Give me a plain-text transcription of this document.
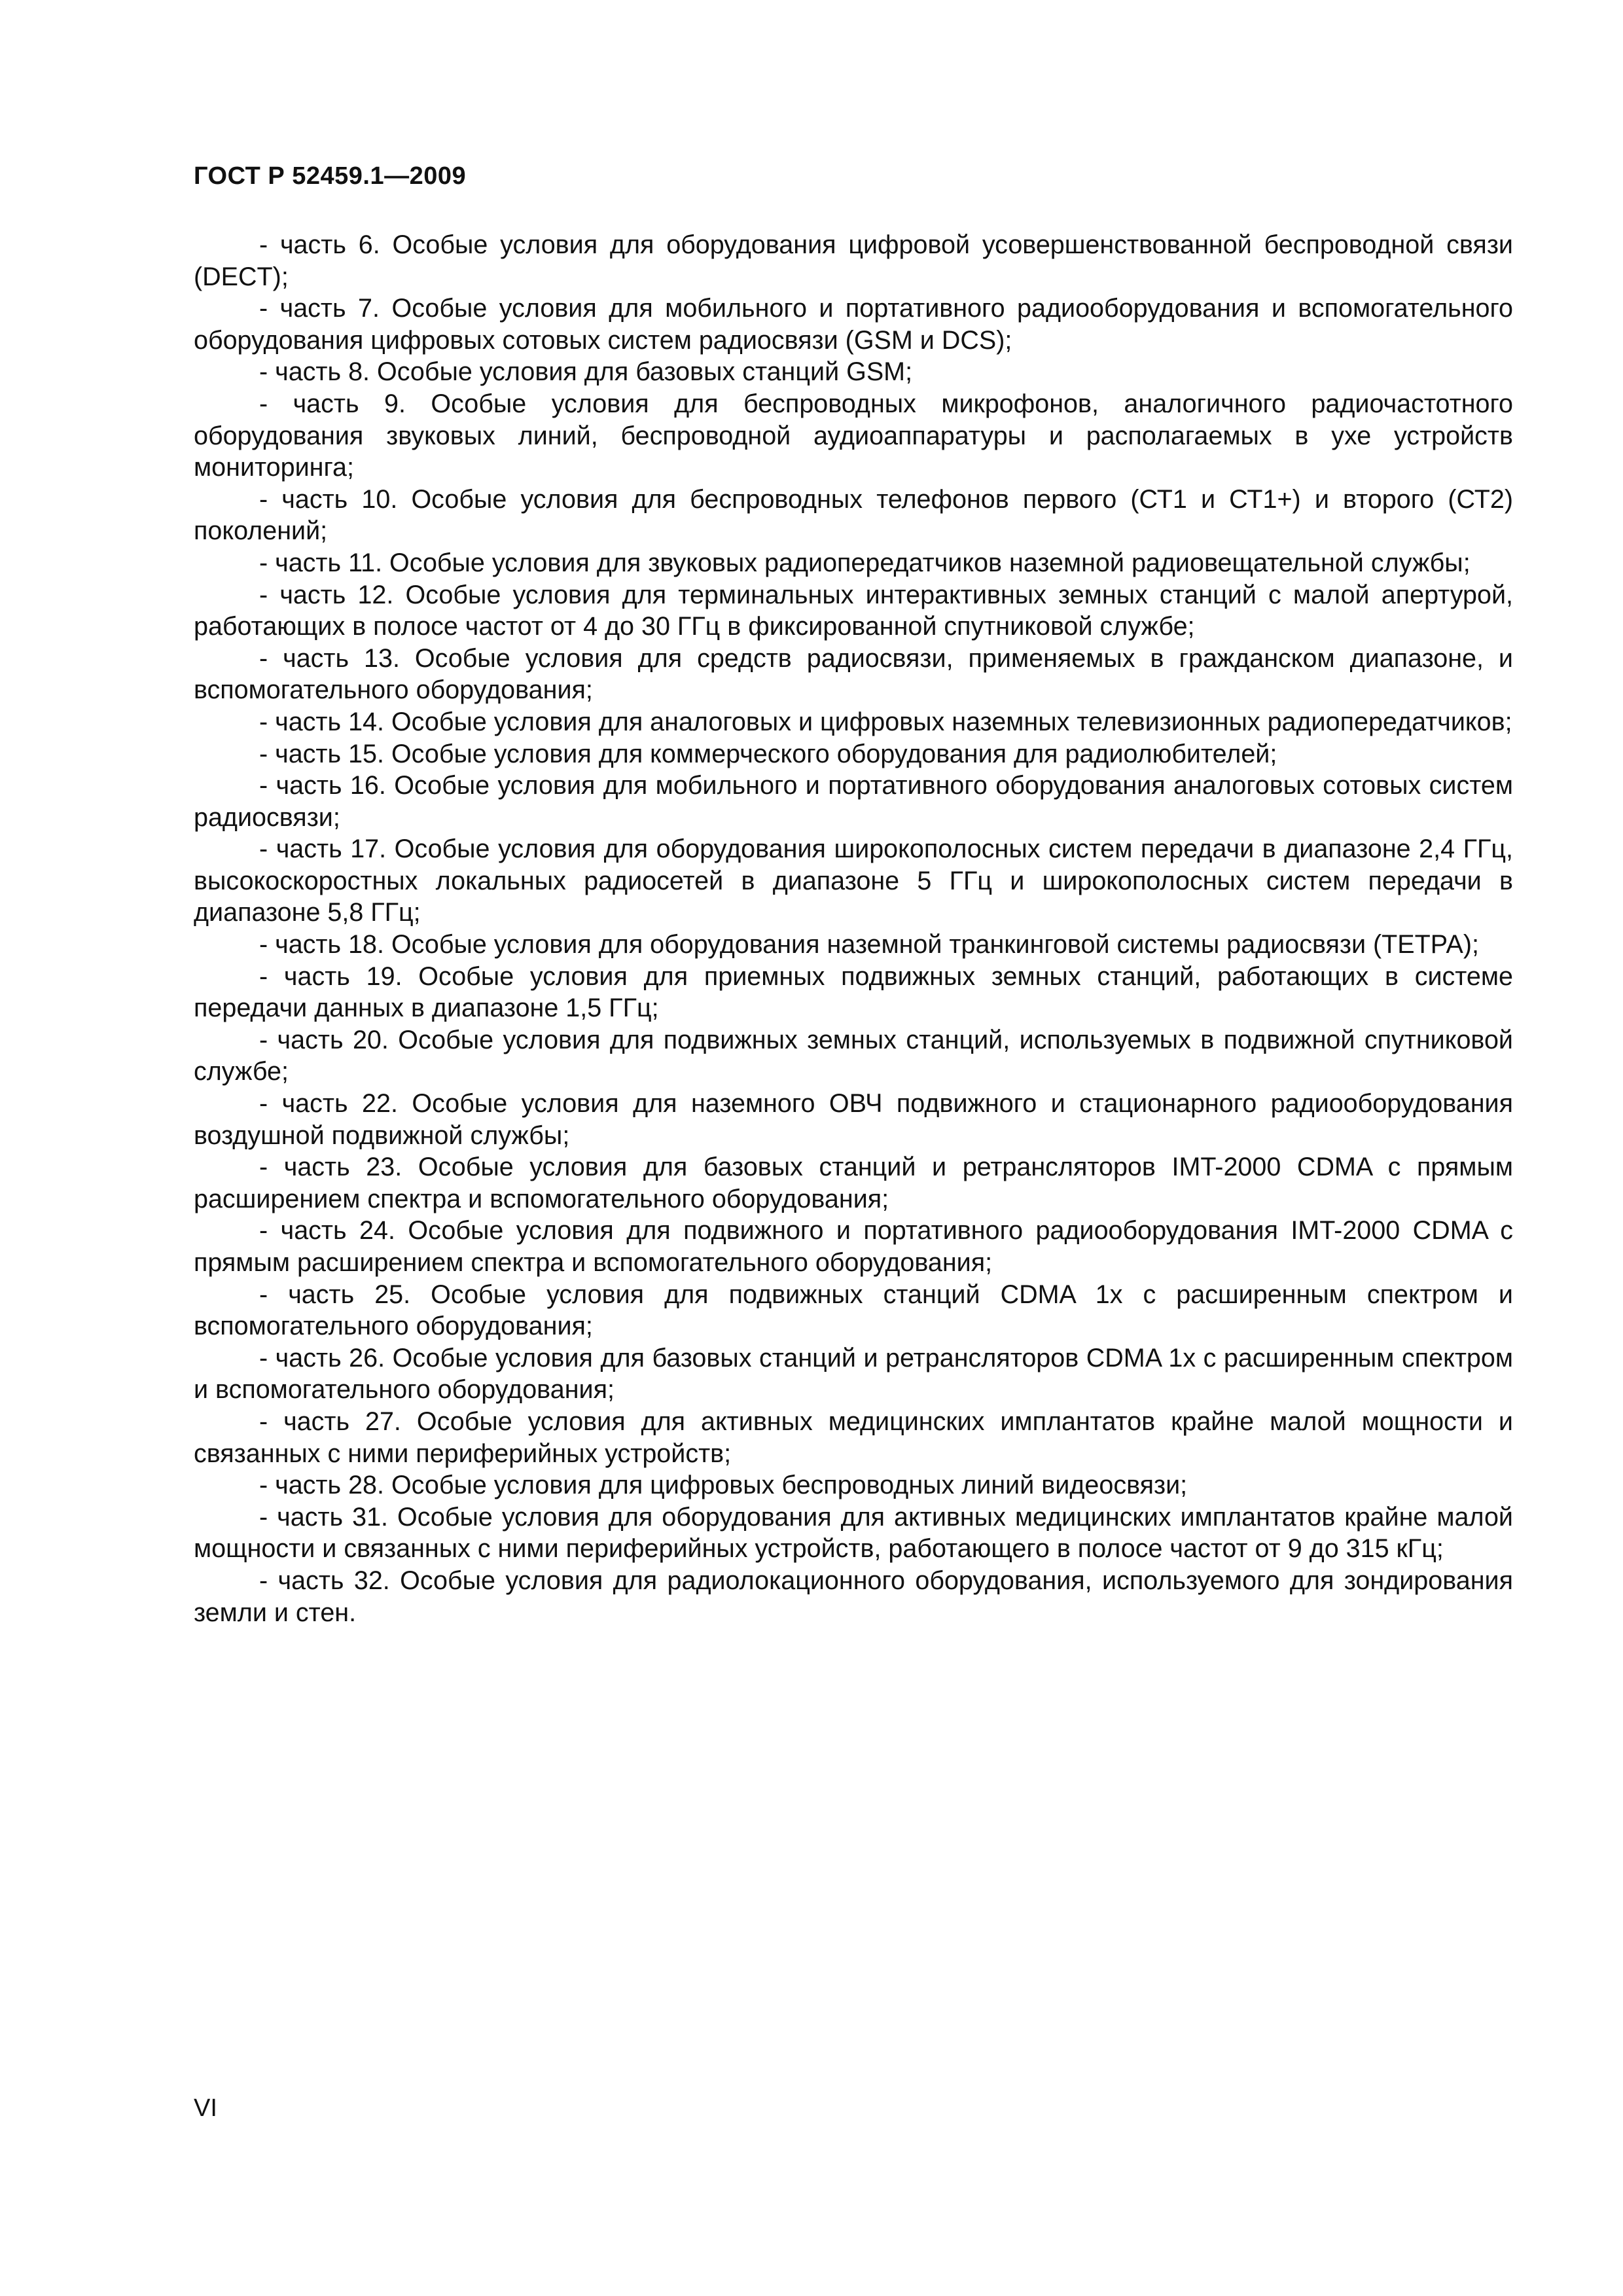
ГОСТ Р 52459.1—2009

- часть 6. Особые условия для оборудования цифровой усовершенствованной беспроводной связи (DECT);

- часть 7. Особые условия для мобильного и портативного радиооборудования и вспомогательного оборудования цифровых сотовых систем радиосвязи (GSM и DCS);

- часть 8. Особые условия для базовых станций GSM;

- часть 9. Особые условия для беспроводных микрофонов, аналогичного радиочастотного оборудования звуковых линий, беспроводной аудиоаппаратуры и располагаемых в ухе устройств мониторинга;

- часть 10. Особые условия для беспроводных телефонов первого (СТ1 и СТ1+) и второго (СТ2) поколений;

- часть 11. Особые условия для звуковых радиопередатчиков наземной радиовещательной службы;

- часть 12. Особые условия для терминальных интерактивных земных станций с малой апертурой, работающих в полосе частот от 4 до 30 ГГц в фиксированной спутниковой службе;

- часть 13. Особые условия для средств радиосвязи, применяемых в гражданском диапазоне, и вспомогательного оборудования;

- часть 14. Особые условия для аналоговых и цифровых наземных телевизионных радиопередатчиков;

- часть 15. Особые условия для коммерческого оборудования для радиолюбителей;

- часть 16. Особые условия для мобильного и портативного оборудования аналоговых сотовых систем радиосвязи;

- часть 17. Особые условия для оборудования широкополосных систем передачи в диапазоне 2,4 ГГц, высокоскоростных локальных радиосетей в диапазоне 5 ГГц и широкополосных систем передачи в диапазоне 5,8 ГГц;

- часть 18. Особые условия для оборудования наземной транкинговой системы радиосвязи (ТЕТРА);

- часть 19. Особые условия для приемных подвижных земных станций, работающих в системе передачи данных в диапазоне 1,5 ГГц;

- часть 20. Особые условия для подвижных земных станций, используемых в подвижной спутниковой службе;

- часть 22. Особые условия для наземного ОВЧ подвижного и стационарного радиооборудования воздушной подвижной службы;

- часть 23. Особые условия для базовых станций и ретрансляторов IMT-2000 CDMA с прямым расширением спектра и вспомогательного оборудования;

- часть 24. Особые условия для подвижного и портативного радиооборудования IMT-2000 CDMA с прямым расширением спектра и вспомогательного оборудования;

- часть 25. Особые условия для подвижных станций CDMA 1х с расширенным спектром и вспомогательного оборудования;

- часть 26. Особые условия для базовых станций и ретрансляторов CDMA 1х с расширенным спектром и вспомогательного оборудования;

- часть 27. Особые условия для активных медицинских имплантатов крайне малой мощности и связанных с ними периферийных устройств;

- часть 28. Особые условия для цифровых беспроводных линий видеосвязи;

- часть 31. Особые условия для оборудования для активных медицинских имплантатов крайне малой мощности и связанных с ними периферийных устройств, работающего в полосе частот от 9 до 315 кГц;

- часть 32. Особые условия для радиолокационного оборудования, используемого для зондирования земли и стен.

VI
